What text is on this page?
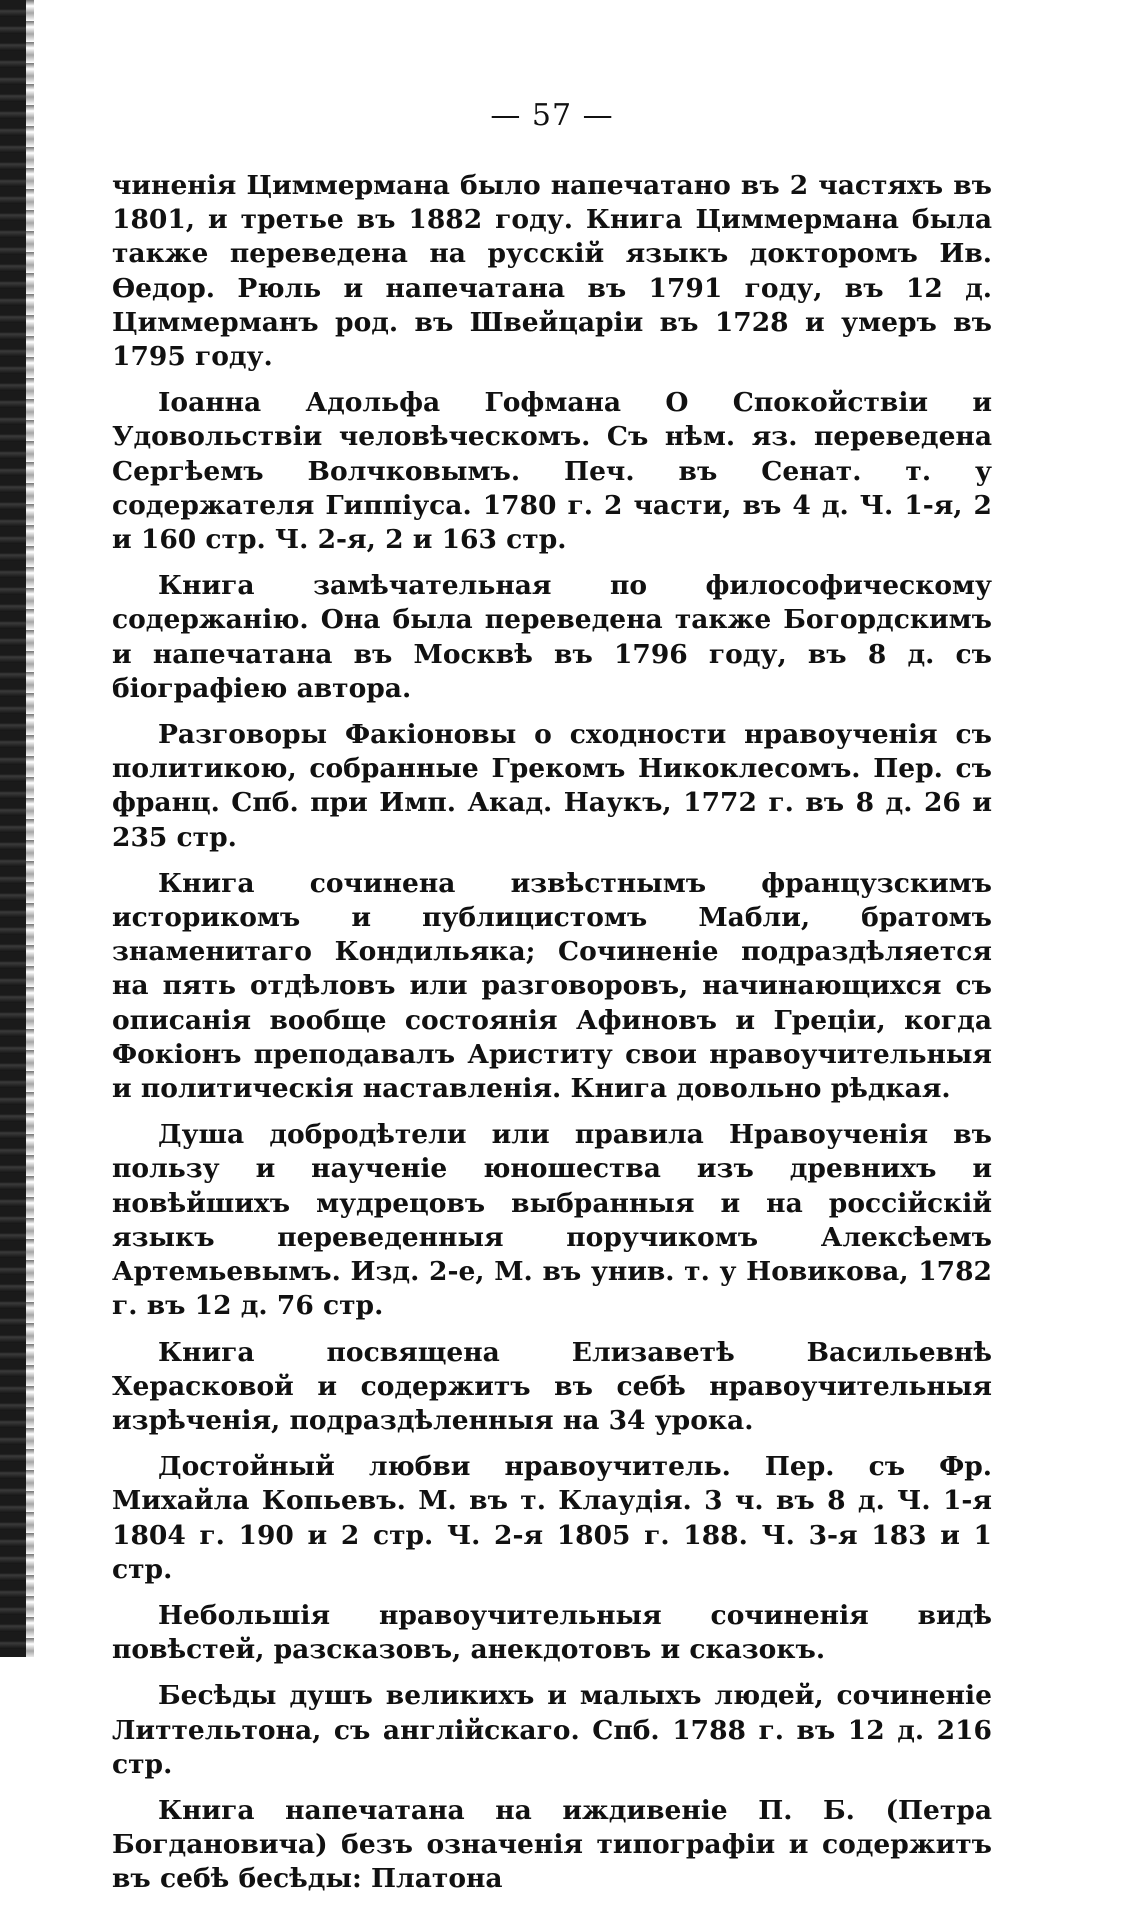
— 57 —

чиненія Циммермана было напечатано въ 2 частяхъ въ 1801, и третье въ 1882 году. Книга Циммермана была также переведена на русскій языкъ докторомъ Ив. Өедор. Рюль и напечатана въ 1791 году, въ 12 д. Циммерманъ род. въ Швейцаріи въ 1728 и умеръ въ 1795 году.

Іоанна Адольфа Гофмана О Спокойствіи и Удовольствіи человѣческомъ. Съ нѣм. яз. переведена Сергѣемъ Волчковымъ. Печ. въ Сенат. т. у содержателя Гиппіуса. 1780 г. 2 части, въ 4 д. Ч. 1-я, 2 и 160 стр. Ч. 2-я, 2 и 163 стр.

Книга замѣчательная по философическому содержанію. Она была переведена также Богордскимъ и напечатана въ Москвѣ въ 1796 году, въ 8 д. съ біографіею автора.

Разговоры Факіоновы о сходности нравоученія съ политикою, собранные Грекомъ Никоклесомъ. Пер. съ франц. Спб. при Имп. Акад. Наукъ, 1772 г. въ 8 д. 26 и 235 стр.

Книга сочинена извѣстнымъ французскимъ историкомъ и публицистомъ Мабли, братомъ знаменитаго Кондильяка; Сочиненіе подраздѣляется на пять отдѣловъ или разговоровъ, начинающихся съ описанія вообще состоянія Афиновъ и Греціи, когда Фокіонъ преподавалъ Ариститу свои нравоучительныя и политическія наставленія. Книга довольно рѣдкая.

Душа добродѣтели или правила Нравоученія въ пользу и наученіе юношества изъ древнихъ и новѣйшихъ мудрецовъ выбранныя и на россійскій языкъ переведенныя поручикомъ Алексѣемъ Артемьевымъ. Изд. 2-е, М. въ унив. т. у Новикова, 1782 г. въ 12 д. 76 стр.

Книга посвящена Елизаветѣ Васильевнѣ Херасковой и содержитъ въ себѣ нравоучительныя изрѣченія, подраздѣленныя на 34 урока.

Достойный любви нравоучитель. Пер. съ Фр. Михайла Копьевъ. М. въ т. Клаудія. 3 ч. въ 8 д. Ч. 1-я 1804 г. 190 и 2 стр. Ч. 2-я 1805 г. 188. Ч. 3-я 183 и 1 стр.

Небольшія нравоучительныя сочиненія видѣ повѣстей, разсказовъ, анекдотовъ и сказокъ.

Бесѣды душъ великихъ и малыхъ людей, сочиненіе Литтельтона, съ англійскаго. Спб. 1788 г. въ 12 д. 216 стр.

Книга напечатана на иждивеніе П. Б. (Петра Богдановича) безъ означенія типографіи и содержитъ въ себѣ бесѣды: Платона
